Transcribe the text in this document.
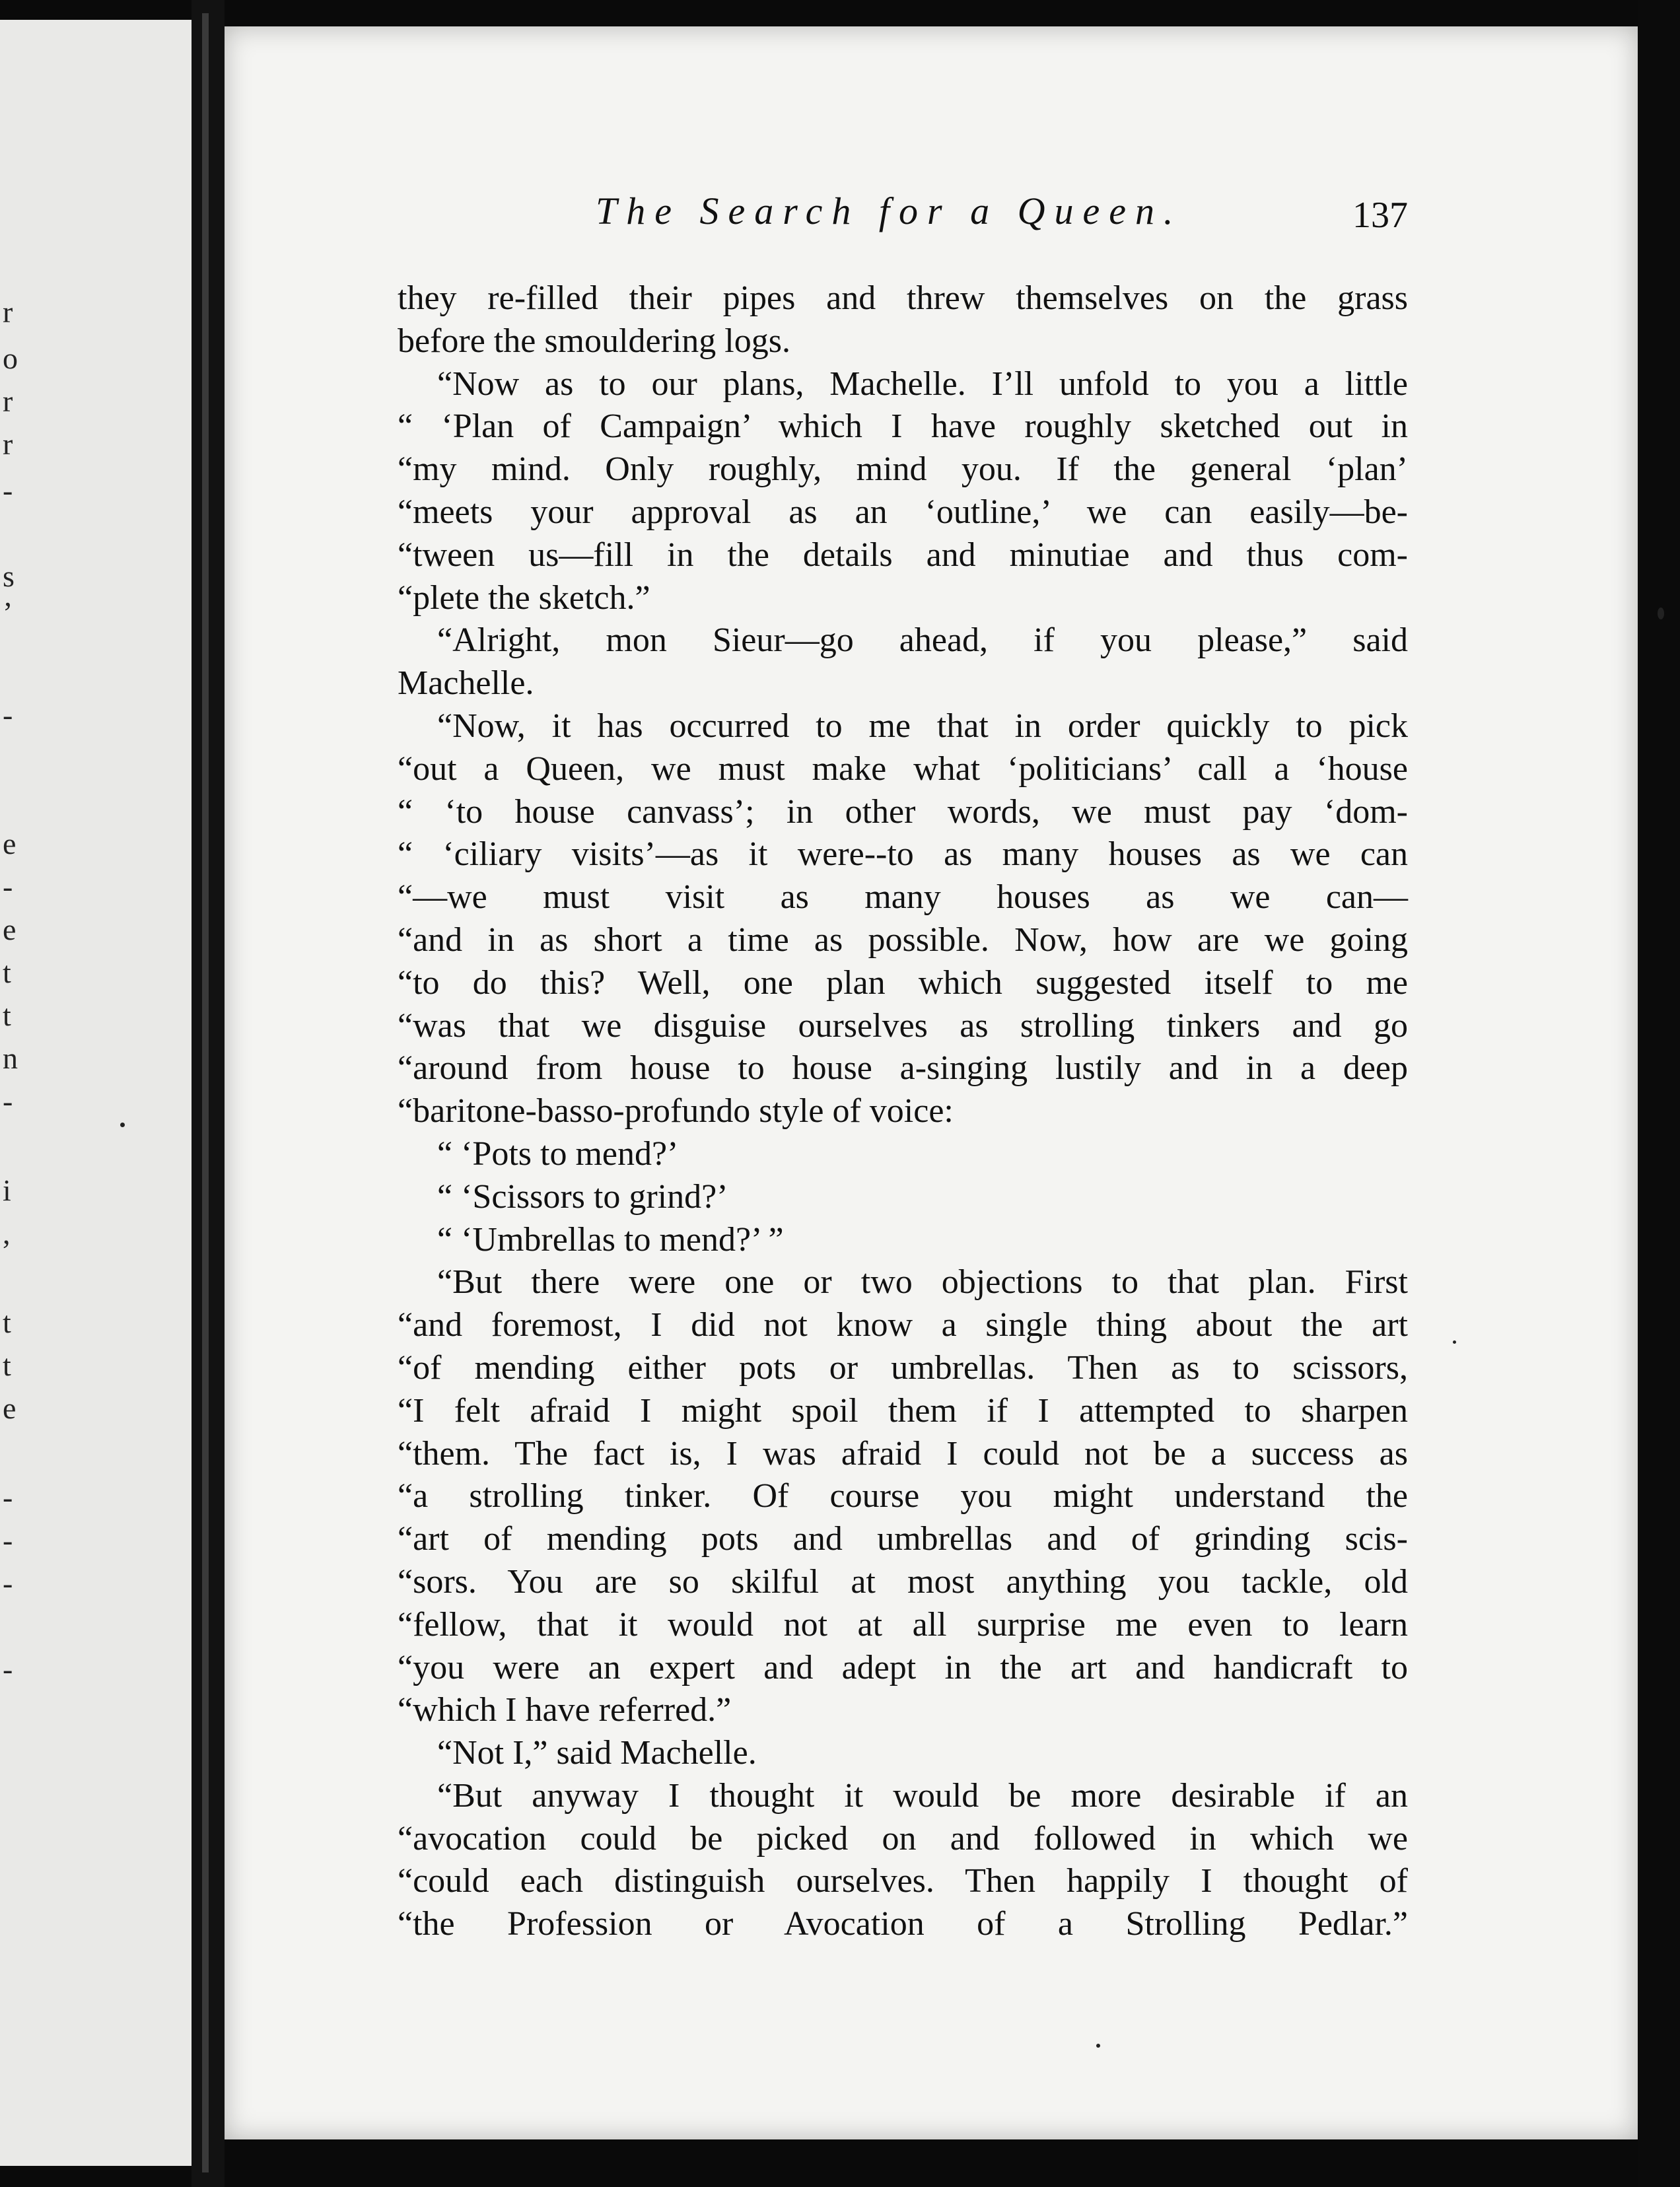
r
o
r
r
-
s
’
-
e
-
e
t
t
n
-
i
,
t
t
e
-
-
-
-
The Search for a Queen.	137
they re-filled their pipes and threw themselves on the grass
before the smouldering logs.
“Now as to our plans, Machelle. I’ll unfold to you a little
“ ‘Plan of Campaign’ which I have roughly sketched out in
“my mind. Only roughly, mind you. If the general ‘plan’
“meets your approval as an ‘outline,’ we can easily—be-
“tween us—fill in the details and minutiae and thus com-
“plete the sketch.”
“Alright, mon Sieur—go ahead, if you please,” said
Machelle.
“Now, it has occurred to me that in order quickly to pick
“out a Queen, we must make what ‘politicians’ call a ‘house
“ ‘to house canvass’; in other words, we must pay ‘dom-
“ ‘ciliary visits’—as it were--to as many houses as we can
“—we must visit as many houses as we can—
“and in as short a time as possible. Now, how are we going
“to do this? Well, one plan which suggested itself to me
“was that we disguise ourselves as strolling tinkers and go
“around from house to house a-singing lustily and in a deep
“baritone-basso-profundo style of voice:
“ ‘Pots to mend?’
“ ‘Scissors to grind?’
“ ‘Umbrellas to mend?’ ”
“But there were one or two objections to that plan. First
“and foremost, I did not know a single thing about the art
“of mending either pots or umbrellas. Then as to scissors,
“I felt afraid I might spoil them if I attempted to sharpen
“them. The fact is, I was afraid I could not be a success as
“a strolling tinker. Of course you might understand the
“art of mending pots and umbrellas and of grinding scis-
“sors. You are so skilful at most anything you tackle, old
“fellow, that it would not at all surprise me even to learn
“you were an expert and adept in the art and handicraft to
“which I have referred.”
“Not I,” said Machelle.
“But anyway I thought it would be more desirable if an
“avocation could be picked on and followed in which we
“could each distinguish ourselves. Then happily I thought of
“the Profession or Avocation of a Strolling Pedlar.”
